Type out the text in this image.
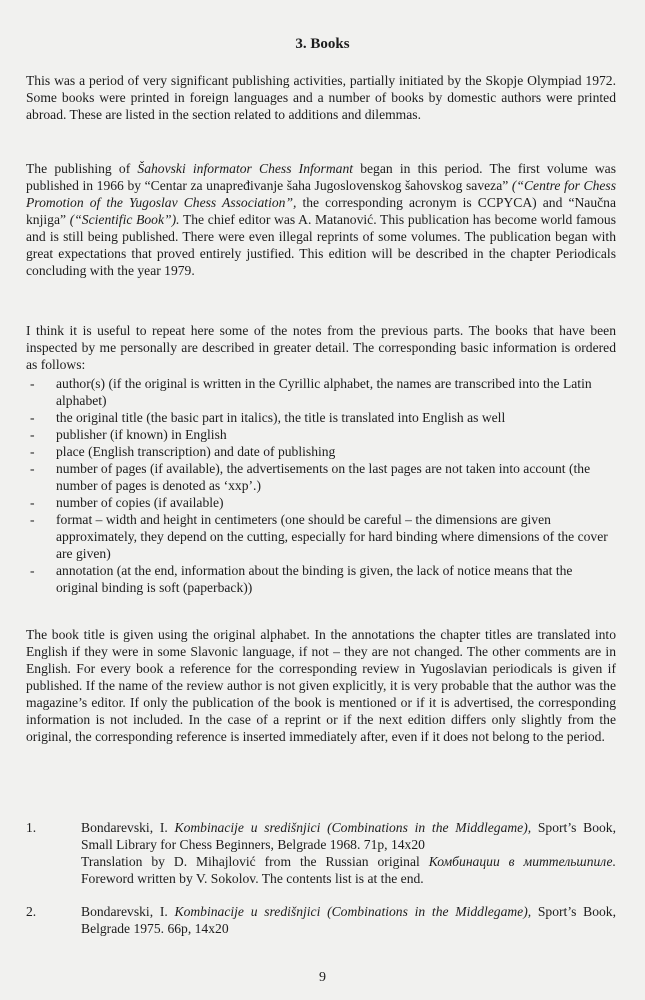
3. Books
This was a period of very significant publishing activities, partially initiated by the Skopje Olympiad 1972. Some books were printed in foreign languages and a number of books by domestic authors were printed abroad. These are listed in the section related to additions and dilemmas.
The publishing of Šahovski informator Chess Informant began in this period. The first volume was published in 1966 by “Centar za unapređivanje šaha Jugoslovenskog šahovskog saveza” (“Centre for Chess Promotion of the Yugoslav Chess Association”, the corresponding acronym is CCPYCA) and “Naučna knjiga” (“Scientific Book”). The chief editor was A. Matanović. This publication has become world famous and is still being published. There were even illegal reprints of some volumes. The publication began with great expectations that proved entirely justified. This edition will be described in the chapter Periodicals concluding with the year 1979.
I think it is useful to repeat here some of the notes from the previous parts. The books that have been inspected by me personally are described in greater detail. The corresponding basic information is ordered as follows:
- author(s) (if the original is written in the Cyrillic alphabet, the names are transcribed into the Latin alphabet)
- the original title (the basic part in italics), the title is translated into English as well
- publisher (if known) in English
- place (English transcription) and date of publishing
- number of pages (if available), the advertisements on the last pages are not taken into account (the number of pages is denoted as ‘xxp’.)
- number of copies (if available)
- format – width and height in centimeters (one should be careful – the dimensions are given approximately, they depend on the cutting, especially for hard binding where dimensions of the cover are given)
- annotation (at the end, information about the binding is given, the lack of notice means that the original binding is soft (paperback))
The book title is given using the original alphabet. In the annotations the chapter titles are translated into English if they were in some Slavonic language, if not – they are not changed. The other comments are in English. For every book a reference for the corresponding review in Yugoslavian periodicals is given if published. If the name of the review author is not given explicitly, it is very probable that the author was the magazine’s editor. If only the publication of the book is mentioned or if it is advertised, the corresponding information is not included. In the case of a reprint or if the next edition differs only slightly from the original, the corresponding reference is inserted immediately after, even if it does not belong to the period.
1.	Bondarevski, I. Kombinacije u središnjici (Combinations in the Middlegame), Sport’s Book, Small Library for Chess Beginners, Belgrade 1968. 71p, 14x20
Translation by D. Mihajlović from the Russian original Комбинации в миттельшпиле. Foreword written by V. Sokolov. The contents list is at the end.
2.	Bondarevski, I. Kombinacije u središnjici (Combinations in the Middlegame), Sport’s Book, Belgrade 1975. 66p, 14x20
9
